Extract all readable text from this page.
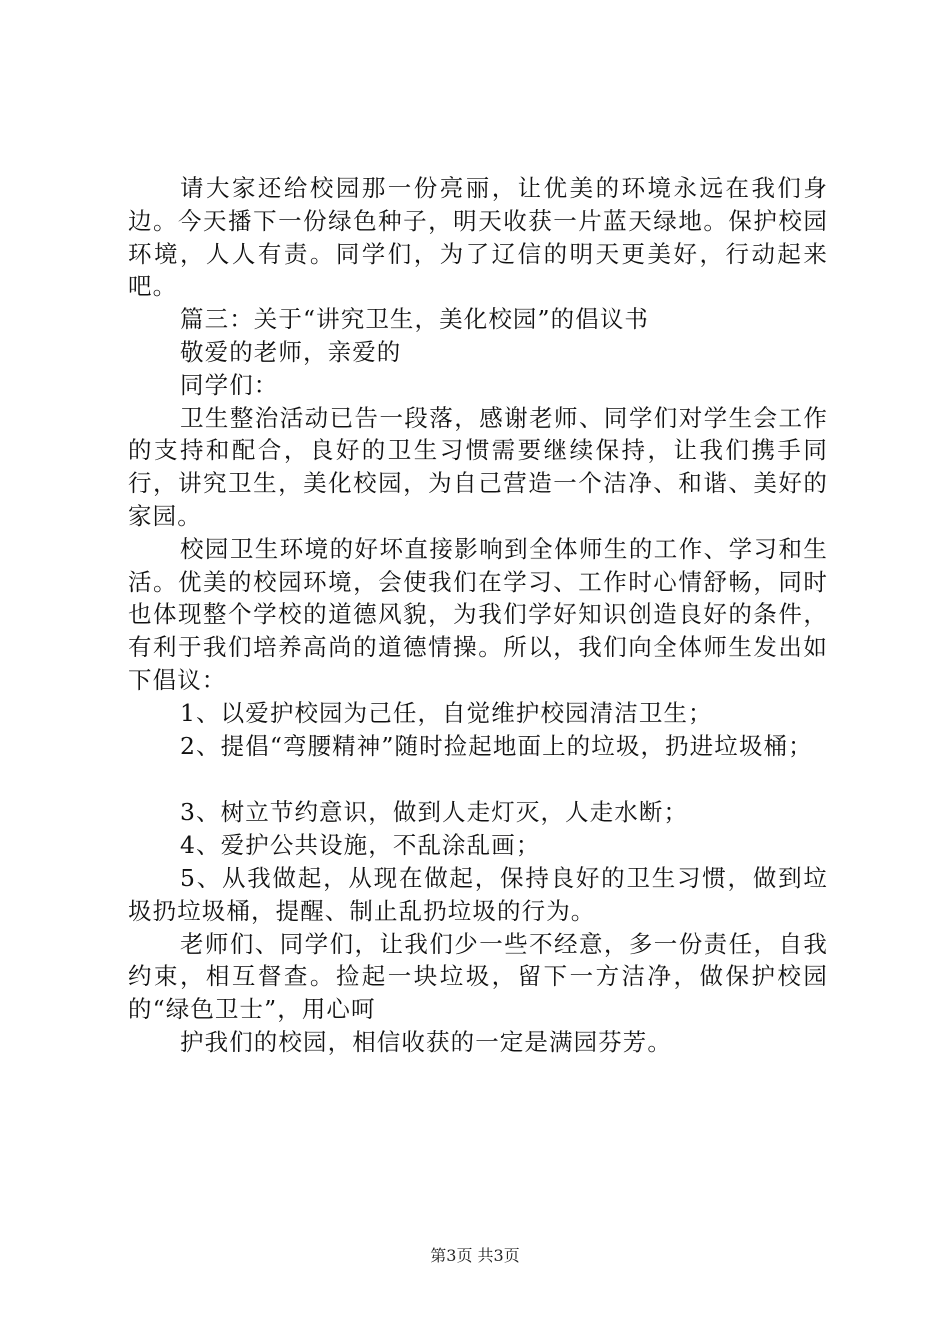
请大家还给校园那一份亮丽，让优美的环境永远在我们身边。今天播下一份绿色种子，明天收获一片蓝天绿地。保护校园环境，人人有责。同学们，为了辽信的明天更美好，行动起来吧。

篇三：关于“讲究卫生，美化校园”的倡议书

敬爱的老师，亲爱的

同学们：

卫生整治活动已告一段落，感谢老师、同学们对学生会工作的支持和配合，良好的卫生习惯需要继续保持，让我们携手同行，讲究卫生，美化校园，为自己营造一个洁净、和谐、美好的家园。

校园卫生环境的好坏直接影响到全体师生的工作、学习和生活。优美的校园环境，会使我们在学习、工作时心情舒畅，同时也体现整个学校的道德风貌，为我们学好知识创造良好的条件，有利于我们培养高尚的道德情操。所以，我们向全体师生发出如下倡议：

1、以爱护校园为己任，自觉维护校园清洁卫生；

2、提倡“弯腰精神”随时捡起地面上的垃圾，扔进垃圾桶；

3、树立节约意识，做到人走灯灭，人走水断；

4、爱护公共设施，不乱涂乱画；

5、从我做起，从现在做起，保持良好的卫生习惯，做到垃圾扔垃圾桶，提醒、制止乱扔垃圾的行为。

老师们、同学们，让我们少一些不经意，多一份责任，自我约束，相互督查。捡起一块垃圾，留下一方洁净，做保护校园的“绿色卫士”，用心呵

护我们的校园，相信收获的一定是满园芬芳。

第3页 共3页
